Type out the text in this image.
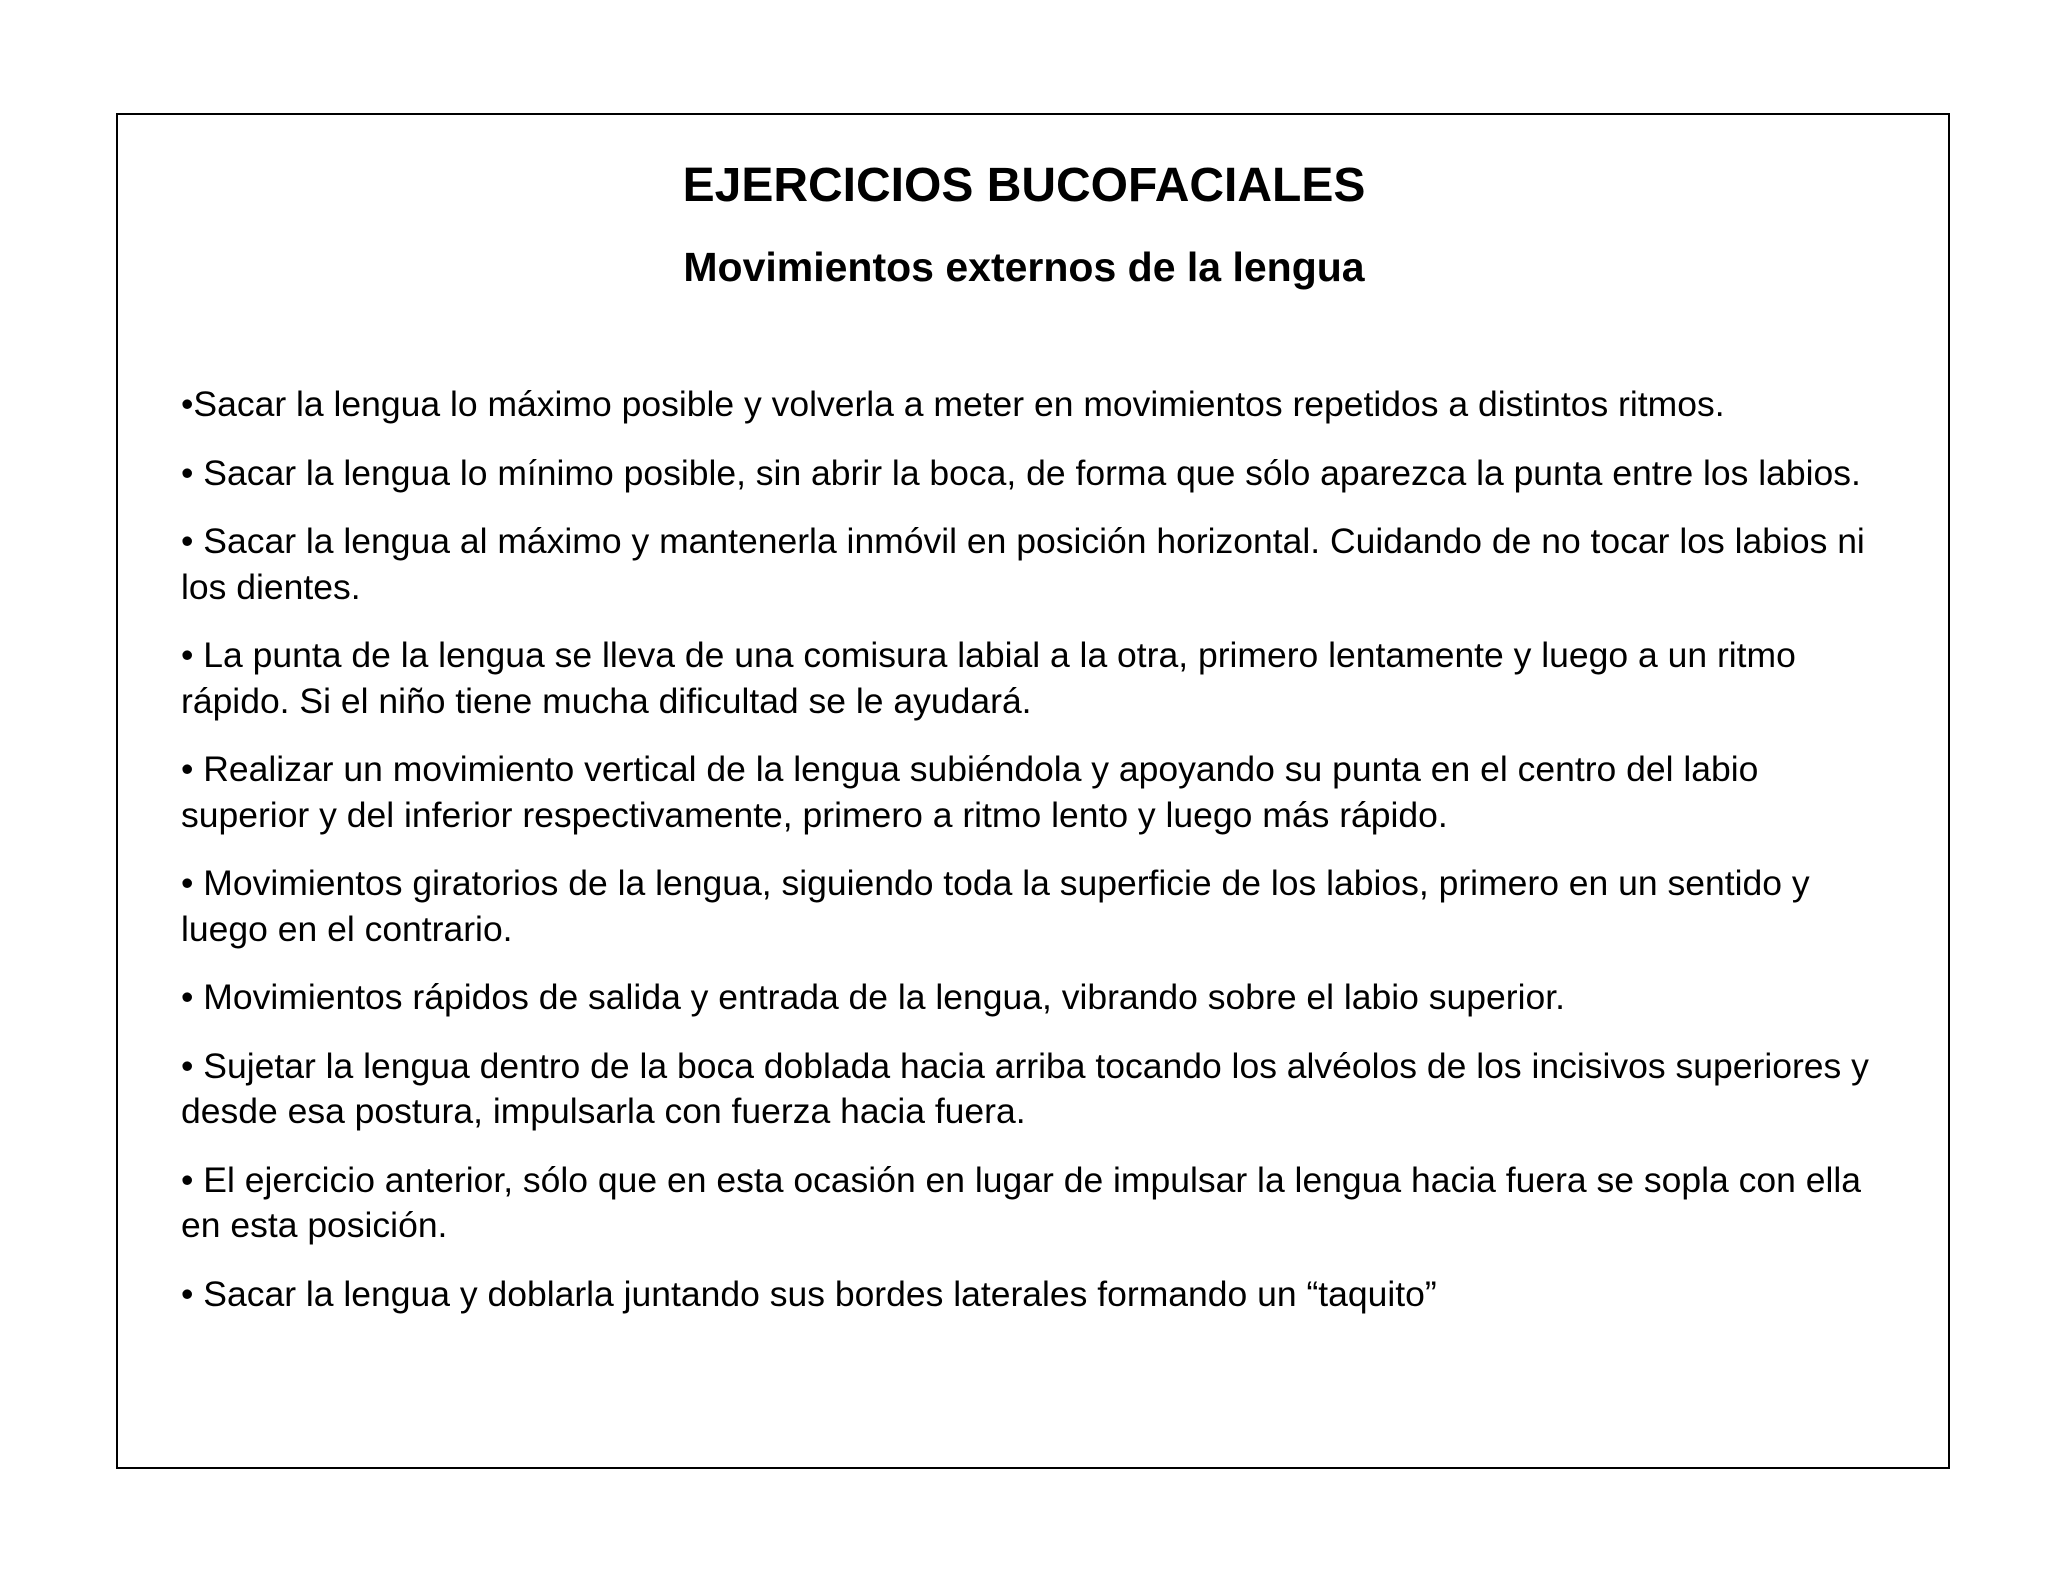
EJERCICIOS BUCOFACIALES
Movimientos externos de la lengua
•Sacar la lengua lo máximo posible y volverla a meter en movimientos repetidos a distintos ritmos.
• Sacar la lengua lo mínimo posible, sin abrir la boca, de forma que sólo aparezca la punta entre los labios.
• Sacar la lengua al máximo y mantenerla inmóvil en posición horizontal. Cuidando de no tocar los labios ni los dientes.
• La punta de la lengua se lleva de una comisura labial a la otra, primero lentamente y luego a un ritmo rápido. Si el niño tiene mucha dificultad se le ayudará.
• Realizar un movimiento vertical de la lengua subiéndola y apoyando su punta en el centro del labio superior y del inferior respectivamente, primero a ritmo lento y luego más rápido.
• Movimientos giratorios de la lengua, siguiendo toda la superficie de los labios, primero en un sentido y luego en el contrario.
• Movimientos rápidos de salida y entrada de la lengua, vibrando sobre el labio superior.
• Sujetar la lengua dentro de la boca doblada hacia arriba tocando los alvéolos de los incisivos superiores y desde esa postura, impulsarla con fuerza hacia fuera.
• El ejercicio anterior, sólo que en esta ocasión en lugar de impulsar la lengua hacia fuera se sopla con ella en esta posición.
• Sacar la lengua y doblarla juntando sus bordes laterales formando un “taquito”
